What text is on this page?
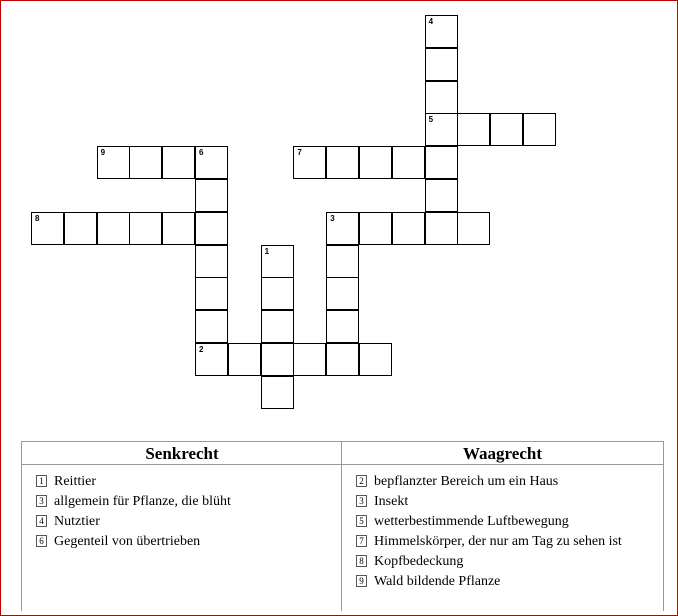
4
5
9	6	7
8	3
1
2
Senkrecht
1 Reittier
3 allgemein für Pflanze, die blüht
4 Nutztier
6 Gegenteil von übertrieben
Waagrecht
2 bepflanzter Bereich um ein Haus
3 Insekt
5 wetterbestimmende Luftbewegung
7 Himmelskörper, der nur am Tag zu sehen ist
8 Kopfbedeckung
9 Wald bildende Pflanze
